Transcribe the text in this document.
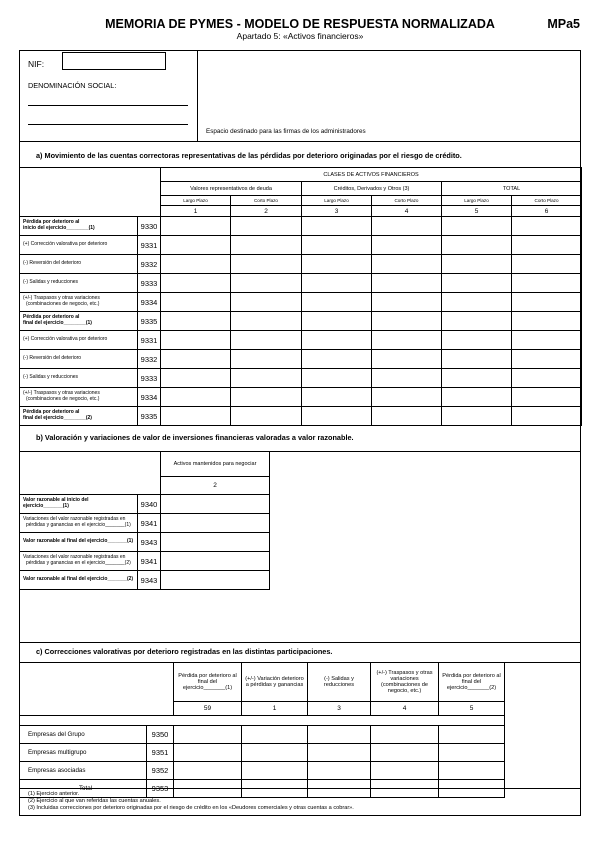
MEMORIA DE PYMES - MODELO DE RESPUESTA NORMALIZADA
Apartado 5: «Activos financieros»
MPa5
NIF:
DENOMINACIÓN SOCIAL:
Espacio destinado para las firmas de los administradores
a) Movimiento de las cuentas correctoras representativas de las pérdidas por deterioro originadas por el riesgo de crédito.
		CLASES DE ACTIVOS FINANCIEROS					
		Valores representativos de deuda		Créditos, Derivados y Otros (3)		TOTAL	
		Largo Plazo	Corto Plazo	Largo Plazo	Corto Plazo	Largo Plazo	Corto Plazo
		1	2	3	4	5	6

Pérdida por deterioro al
inicio del ejercicio________(1)	9330						

(+) Corrección valorativa por deterioro	9331						

(-) Reversión del deterioro	9332						

(-) Salidas y reducciones	9333						

(+/-) Traspasos y otras variaciones
(combinaciones de negocio, etc.)	9334						

Pérdida por deterioro al
final del ejercicio________(1)	9335						

(+) Corrección valorativa por deterioro	9331						

(-) Reversión del deterioro	9332						

(-) Salidas y reducciones	9333						

(+/-) Traspasos y otras variaciones
(combinaciones de negocio, etc.)	9334						

Pérdida por deterioro al
final del ejercicio________(2)	9335						
b) Valoración y variaciones de valor de inversiones financieras valoradas a valor razonable.
		Activos mantenidos para negociar
		2

Valor razonable al inicio del ejercicio_______(1)	9340	

Variaciones del valor razonable registradas en
pérdidas y ganancias en el ejercicio_______(1)	9341	

Valor razonable al final del ejercicio_______(1)	9343	

Variaciones del valor razonable registradas en
pérdidas y ganancias en el ejercicio_______(2)	9341	

Valor razonable al final del ejercicio_______(2)	9343	
c) Correcciones valorativas por deterioro registradas en las distintas participaciones.
		Pérdida por deterioro al final del ejercicio_______(1)	(+/-) Variación deterioro a pérdidas y ganancias	(-) Salidas y reducciones	(+/-) Traspasos y otras variaciones (combinaciones de negocio, etc.)	Pérdida por deterioro al final del ejercicio_______(2)	
		59	1	3	4	5	

Empresas del Grupo	9350						
Empresas multigrupo	9351						
Empresas asociadas	9352						
Total	9353						
(1) Ejercicio anterior.
(2) Ejercicio al que van referidas las cuentas anuales.
(3) Incluidas correcciones por deterioro originadas por el riesgo de crédito en los «Deudores comerciales y otras cuentas a cobrar».
